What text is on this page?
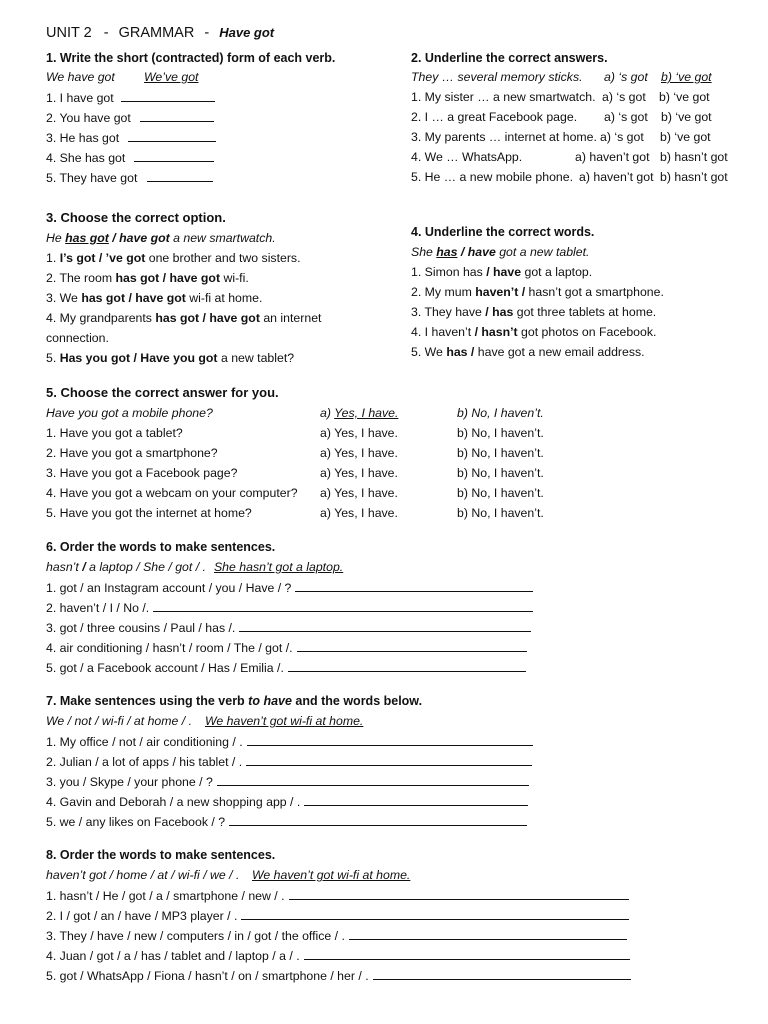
UNIT 2 - GRAMMAR - Have got
1. Write the short (contracted) form of each verb.
We have got We’ve got
1. I have got
2. You have got
3. He has got
4. She has got
5. They have got
2. Underline the correct answers.
They … several memory sticks. a) ‘s got b) ‘ve got
1. My sister … a new smartwatch. a) ‘s got b) ‘ve got
2. I … a great Facebook page. a) ‘s got b) ‘ve got
3. My parents … internet at home. a) ‘s got b) ‘ve got
4. We … WhatsApp.	a) haven’t got b) hasn’t got
5. He … a new mobile phone. a) haven’t got b) hasn’t got
3. Choose the correct option.
He has got / have got a new smartwatch.
1. I’s got / ’ve got one brother and two sisters.
2. The room has got / have got wi-fi.
3. We has got / have got wi-fi at home.
4. My grandparents has got / have got an internet
connection.
5. Has you got / Have you got a new tablet?
4. Underline the correct words.
She has / have got a new tablet.
1. Simon has / have got a laptop.
2. My mum haven’t / hasn’t got a smartphone.
3. They have / has got three tablets at home.
4. I haven’t / hasn’t got photos on Facebook.
5. We has / have got a new email address.
5. Choose the correct answer for you.
Have you got a mobile phone?	a) Yes, I have.	b) No, I haven’t.
1. Have you got a tablet?	a) Yes, I have.	b) No, I haven’t.
2. Have you got a smartphone?	a) Yes, I have.	b) No, I haven’t.
3. Have you got a Facebook page?	a) Yes, I have.	b) No, I haven’t.
4. Have you got a webcam on your computer? a) Yes, I have.	b) No, I haven’t.
5. Have you got the internet at home?	a) Yes, I have.	b) No, I haven’t.
6. Order the words to make sentences.
hasn’t / a laptop / She / got / . She hasn’t got a laptop.
1. got / an Instagram account / you / Have / ?
2. haven’t / I / No /.
3. got / three cousins / Paul / has /.
4. air conditioning / hasn’t / room / The / got /.
5. got / a Facebook account / Has / Emilia /.
7. Make sentences using the verb to have and the words below.
We / not / wi-fi / at home / . We haven’t got wi-fi at home.
1. My office / not / air conditioning / .
2. Julian / a lot of apps / his tablet / .
3. you / Skype / your phone / ?
4. Gavin and Deborah / a new shopping app / .
5. we / any likes on Facebook / ?
8. Order the words to make sentences.
haven’t got / home / at / wi-fi / we / . We haven’t got wi-fi at home.
1. hasn’t / He / got / a / smartphone / new / .
2. I / got / an / have / MP3 player / .
3. They / have / new / computers / in / got / the office / .
4. Juan / got / a / has / tablet and / laptop / a / .
5. got / WhatsApp / Fiona / hasn’t / on / smartphone / her / .
